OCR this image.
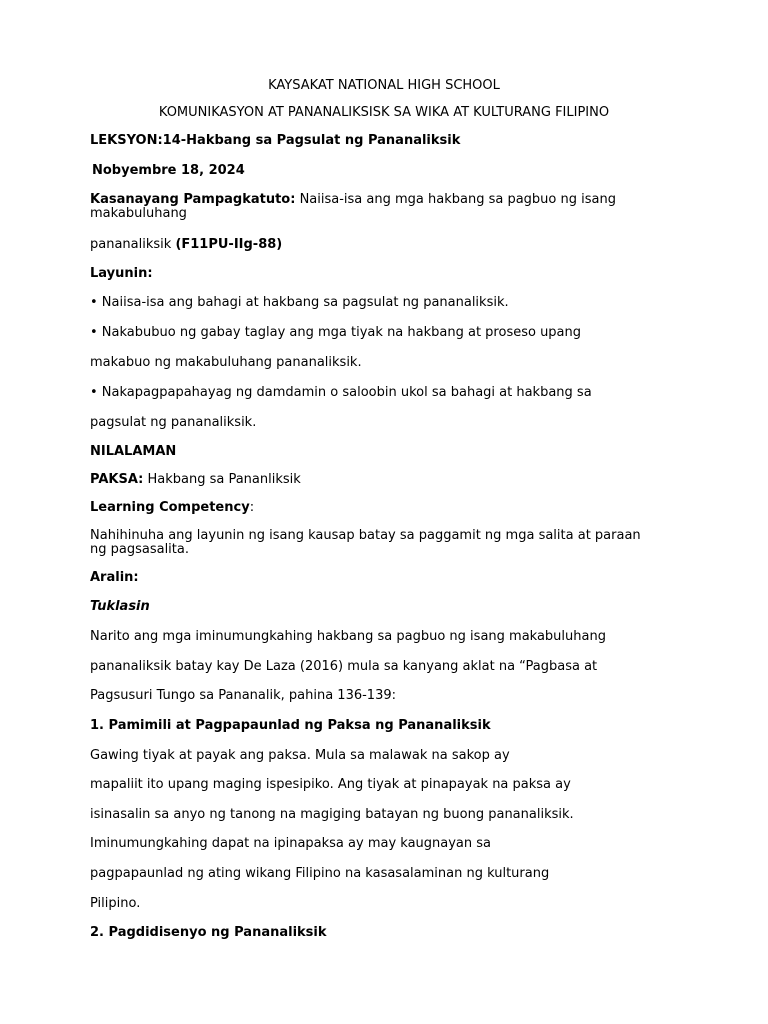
KAYSAKAT NATIONAL HIGH SCHOOL
KOMUNIKASYON AT PANANALIKSISK SA WIKA AT KULTURANG FILIPINO
LEKSYON:14-Hakbang sa Pagsulat ng Pananaliksik
Nobyembre 18, 2024
Kasanayang Pampagkatuto: Naiisa-isa ang mga hakbang sa pagbuo ng isang makabuluhang
pananaliksik (F11PU-IIg-88)
Layunin:
• Naiisa-isa ang bahagi at hakbang sa pagsulat ng pananaliksik.
• Nakabubuo ng gabay taglay ang mga tiyak na hakbang at proseso upang
makabuo ng makabuluhang pananaliksik.
• Nakapagpapahayag ng damdamin o saloobin ukol sa bahagi at hakbang sa
pagsulat ng pananaliksik.
NILALAMAN
PAKSA: Hakbang sa Pananliksik
Learning Competency:
Nahihinuha ang layunin ng isang kausap batay sa paggamit ng mga salita at paraan ng pagsasalita.
Aralin:
Tuklasin
Narito ang mga iminumungkahing hakbang sa pagbuo ng isang makabuluhang
pananaliksik batay kay De Laza (2016) mula sa kanyang aklat na “Pagbasa at
Pagsusuri Tungo sa Pananalik, pahina 136-139:
1. Pamimili at Pagpapaunlad ng Paksa ng Pananaliksik
Gawing tiyak at payak ang paksa. Mula sa malawak na sakop ay
mapaliit ito upang maging ispesipiko. Ang tiyak at pinapayak na paksa ay
isinasalin sa anyo ng tanong na magiging batayan ng buong pananaliksik.
Iminumungkahing dapat na ipinapaksa ay may kaugnayan sa
pagpapaunlad ng ating wikang Filipino na kasasalaminan ng kulturang
Pilipino.
2. Pagdidisenyo ng Pananaliksik
